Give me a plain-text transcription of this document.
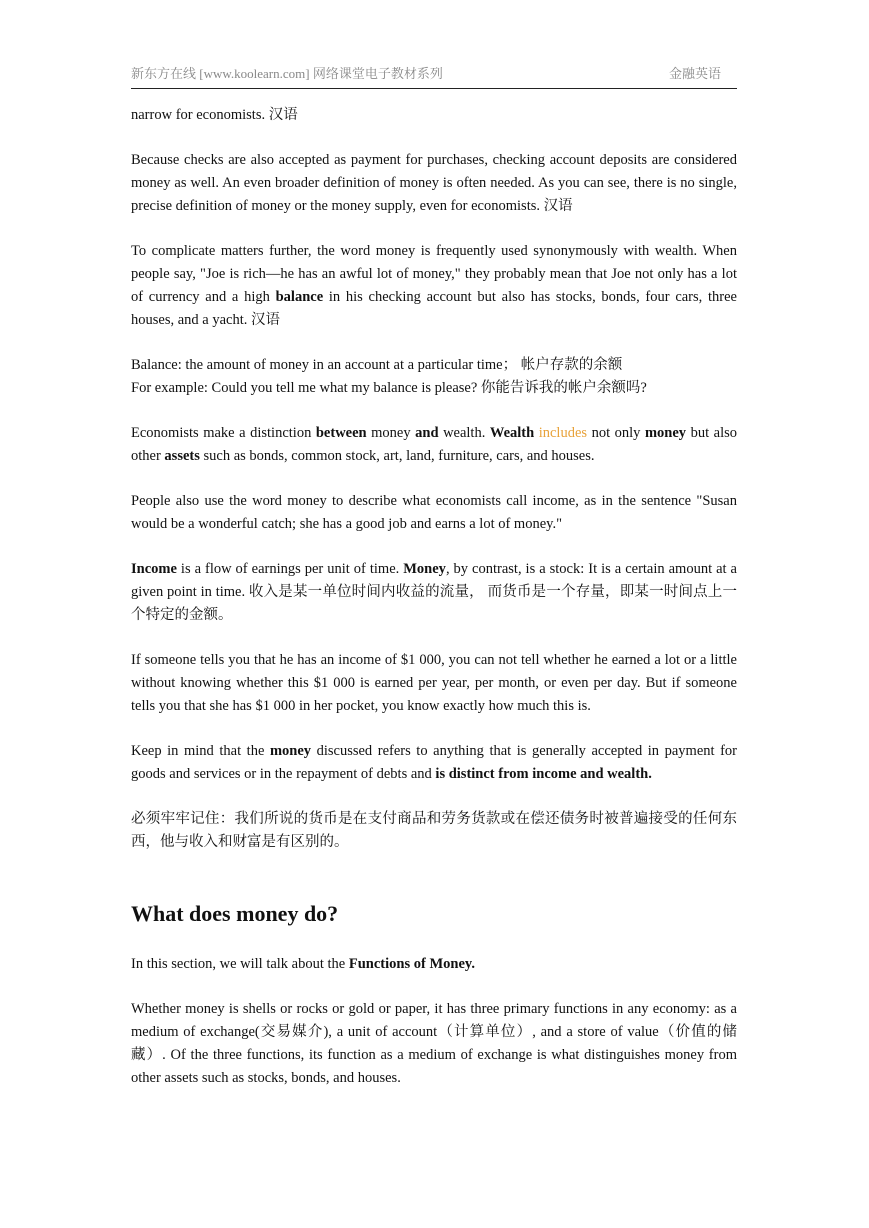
新东方在线 [www.koolearn.com] 网络课堂电子教材系列	金融英语

narrow for economists. 汉语

Because checks are also accepted as payment for purchases, checking account deposits are considered money as well. An even broader definition of money is often needed. As you can see, there is no single, precise definition of money or the money supply, even for economists. 汉语

To complicate matters further, the word money is frequently used synonymously with wealth. When people say, "Joe is rich—he has an awful lot of money," they probably mean that Joe not only has a lot of currency and a high balance in his checking account but also has stocks, bonds, four cars, three houses, and a yacht. 汉语

Balance: the amount of money in an account at a particular time； 帐户存款的余额

For example: Could you tell me what my balance is please? 你能告诉我的帐户余额吗?

Economists make a distinction between money and wealth. Wealth includes not only money but also other assets such as bonds, common stock, art, land, furniture, cars, and houses.

People also use the word money to describe what economists call income, as in the sentence "Susan would be a wonderful catch; she has a good job and earns a lot of money."

Income is a flow of earnings per unit of time. Money, by contrast, is a stock: It is a certain amount at a given point in time. 收入是某一单位时间内收益的流量， 而货币是一个存量，即某一时间点上一个特定的金额。

If someone tells you that he has an income of $1 000, you can not tell whether he earned a lot or a little without knowing whether this $1 000 is earned per year, per month, or even per day. But if someone tells you that she has $1 000 in her pocket, you know exactly how much this is.

Keep in mind that the money discussed refers to anything that is generally accepted in payment for goods and services or in the repayment of debts and is distinct from income and wealth.

必须牢牢记住：我们所说的货币是在支付商品和劳务货款或在偿还债务时被普遍接受的任何东西，他与收入和财富是有区别的。

What does money do?

In this section, we will talk about the Functions of Money.

Whether money is shells or rocks or gold or paper, it has three primary functions in any economy: as a medium of exchange(交易媒介), a unit of account（计算单位）, and a store of value（价值的储藏）. Of the three functions, its function as a medium of exchange is what distinguishes money from other assets such as stocks, bonds, and houses.
